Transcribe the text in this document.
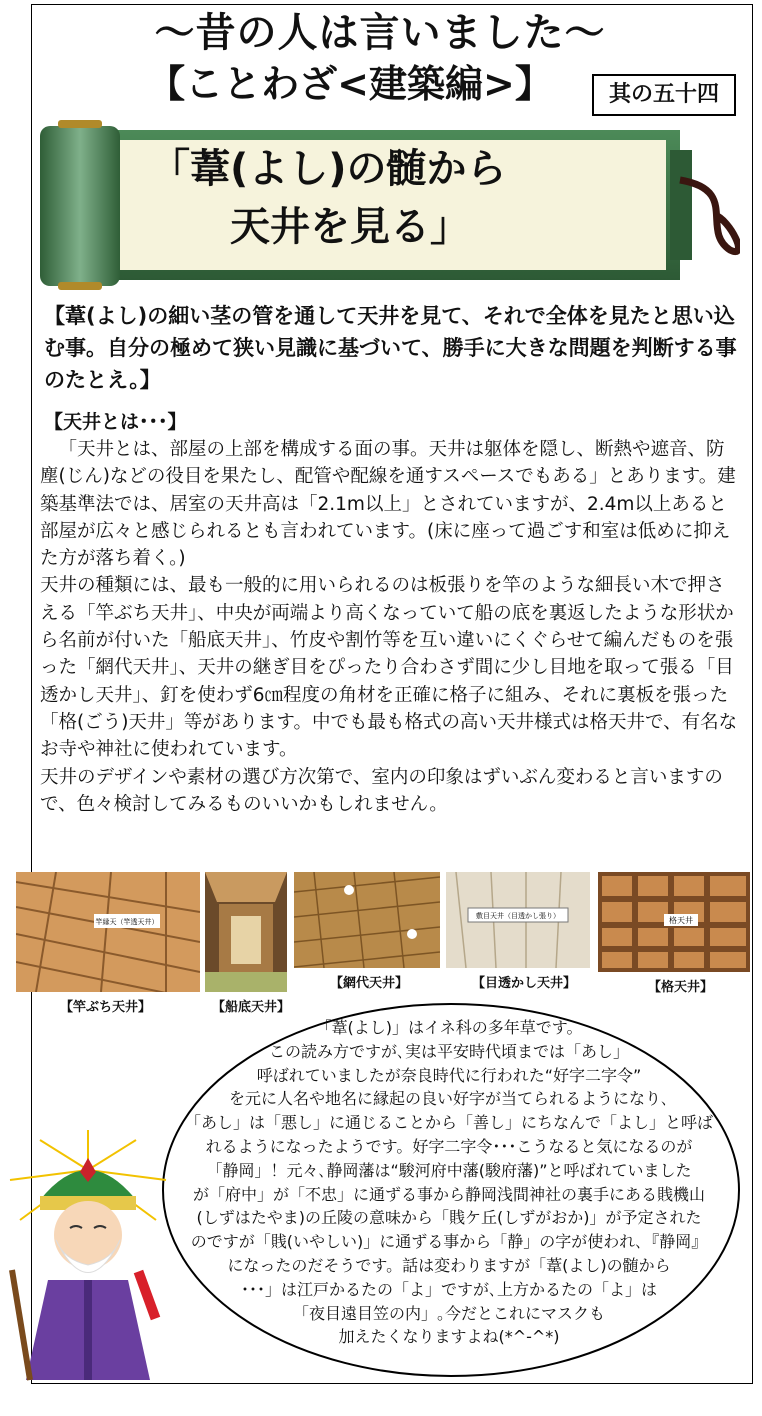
～昔の人は言いました～
【ことわざ<建築編>】	其の五十四
「葦(よし)の髄から
天井を見る」
【葦(よし)の細い茎の管を通して天井を見て、それで全体を見たと思い込む事。自分の極めて狭い見識に基づいて、勝手に大きな問題を判断する事のたとえ。】
【天井とは･･･】

「天井とは、部屋の上部を構成する面の事。天井は躯体を隠し、断熱や遮音、防塵(じん)などの役目を果たし、配管や配線を通すスペースでもある」とあります。建築基準法では、居室の天井高は「2.1m以上」とされていますが、2.4m以上あると部屋が広々と感じられるとも言われています。(床に座って過ごす和室は低めに抑えた方が落ち着く。)

天井の種類には、最も一般的に用いられるのは板張りを竿のような細長い木で押さえる「竿ぶち天井」、中央が両端より高くなっていて船の底を裏返したような形状から名前が付いた「船底天井」、竹皮や割竹等を互い違いにくぐらせて編んだものを張った「網代天井」、天井の継ぎ目をぴったり合わさず間に少し目地を取って張る「目透かし天井」、釘を使わず6㎝程度の角材を正確に格子に組み、それに裏板を張った「格(ごう)天井」等があります。中でも最も格式の高い天井様式は格天井で、有名なお寺や神社に使われています。

天井のデザインや素材の選び方次第で、室内の印象はずいぶん変わると言いますので、色々検討してみるものいいかもしれません。

竿縁天（竿透天井）
【竿ぶち天井】	【船底天井】
【網代天井】
敷目天井（目透かし張り）
【目透かし天井】
格天井
【格天井】
「葦(よし)」はイネ科の多年草です。
この読み方ですが､実は平安時代頃までは「あし」
呼ばれていましたが奈良時代に行われた“好字二字令”
を元に人名や地名に縁起の良い好字が当てられるようになり､
「あし」は「悪し」に通じることから「善し」にちなんで「よし」と呼ば
れるようになったようです。好字二字令･･･こうなると気になるのが
「静岡」！元々､静岡藩は“駿河府中藩(駿府藩)”と呼ばれていました
が「府中」が「不忠」に通ずる事から静岡浅間神社の裏手にある賎機山
(しずはたやま)の丘陵の意味から「賎ケ丘(しずがおか)」が予定された
のですが「賎(いやしい)」に通ずる事から「静」の字が使われ､『静岡』
になったのだそうです。話は変わりますが「葦(よし)の髄から
･･･」は江戸かるたの「よ」ですが､上方かるたの「よ」は
「夜目遠目笠の内」｡今だとこれにマスクも
加えたくなりますよね(*^-^*)
